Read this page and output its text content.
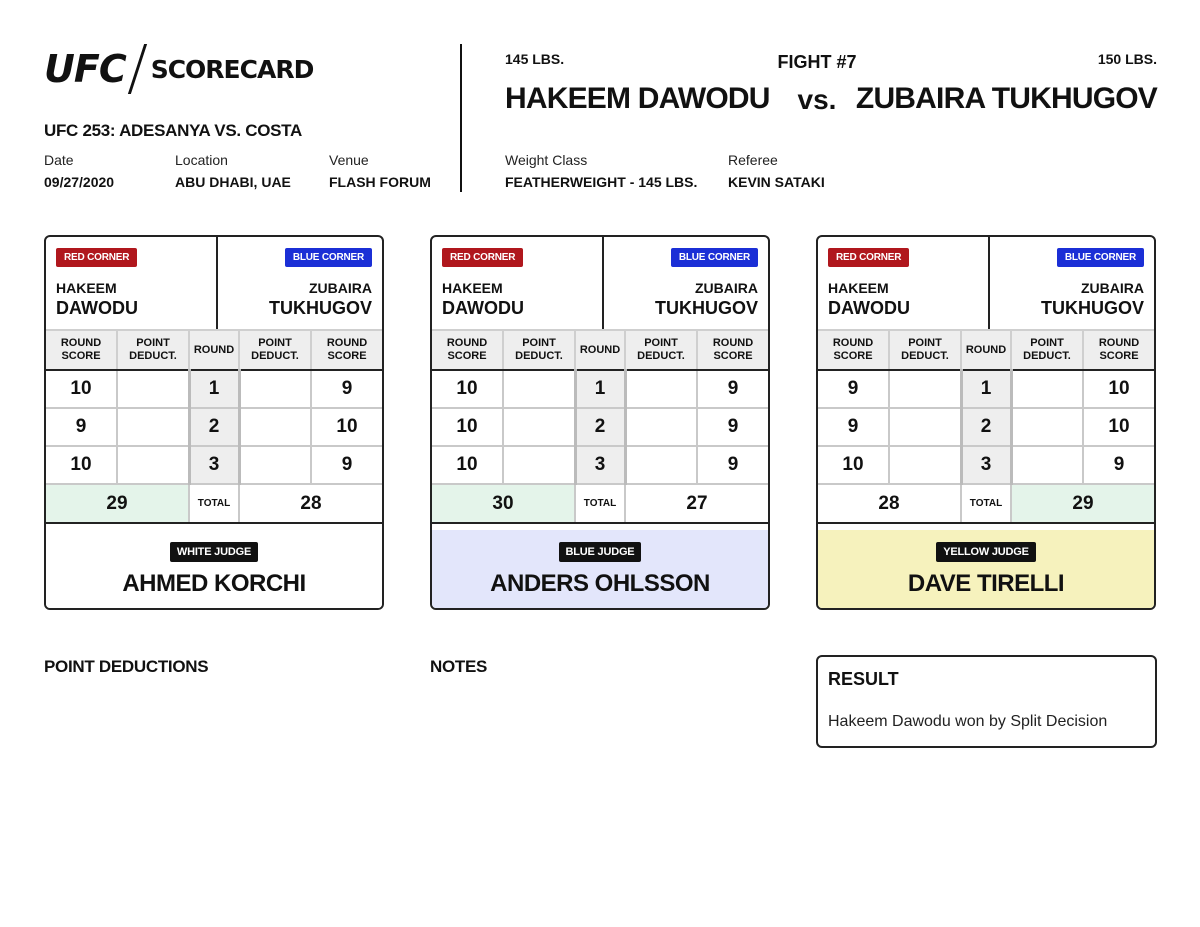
UFC SCORECARD
UFC 253: ADESANYA VS. COSTA
Date
09/27/2020
Location
ABU DHABI, UAE
Venue
FLASH FORUM
145 LBS.	FIGHT #7	150 LBS.
HAKEEM DAWODU vs. ZUBAIRA TUKHUGOV
Weight Class
FEATHERWEIGHT - 145 LBS.
Referee
KEVIN SATAKI
RED CORNER	BLUE CORNER
HAKEEM
DAWODU
ZUBAIRA
TUKHUGOV
ROUND SCORE	POINT DEDUCT.	ROUND	POINT DEDUCT.	ROUND SCORE
10		1		9
9		2		10
10		3		9
29		TOTAL	28	
WHITE JUDGE
AHMED KORCHI
RED CORNER	BLUE CORNER
HAKEEM
DAWODU
ZUBAIRA
TUKHUGOV
ROUND SCORE	POINT DEDUCT.	ROUND	POINT DEDUCT.	ROUND SCORE
10		1		9
10		2		9
10		3		9
30		TOTAL	27	
BLUE JUDGE
ANDERS OHLSSON
RED CORNER	BLUE CORNER
HAKEEM
DAWODU
ZUBAIRA
TUKHUGOV
ROUND SCORE	POINT DEDUCT.	ROUND	POINT DEDUCT.	ROUND SCORE
9		1		10
9		2		10
10		3		9
28		TOTAL	29	
YELLOW JUDGE
DAVE TIRELLI
POINT DEDUCTIONS	NOTES
RESULT
Hakeem Dawodu won by Split Decision
